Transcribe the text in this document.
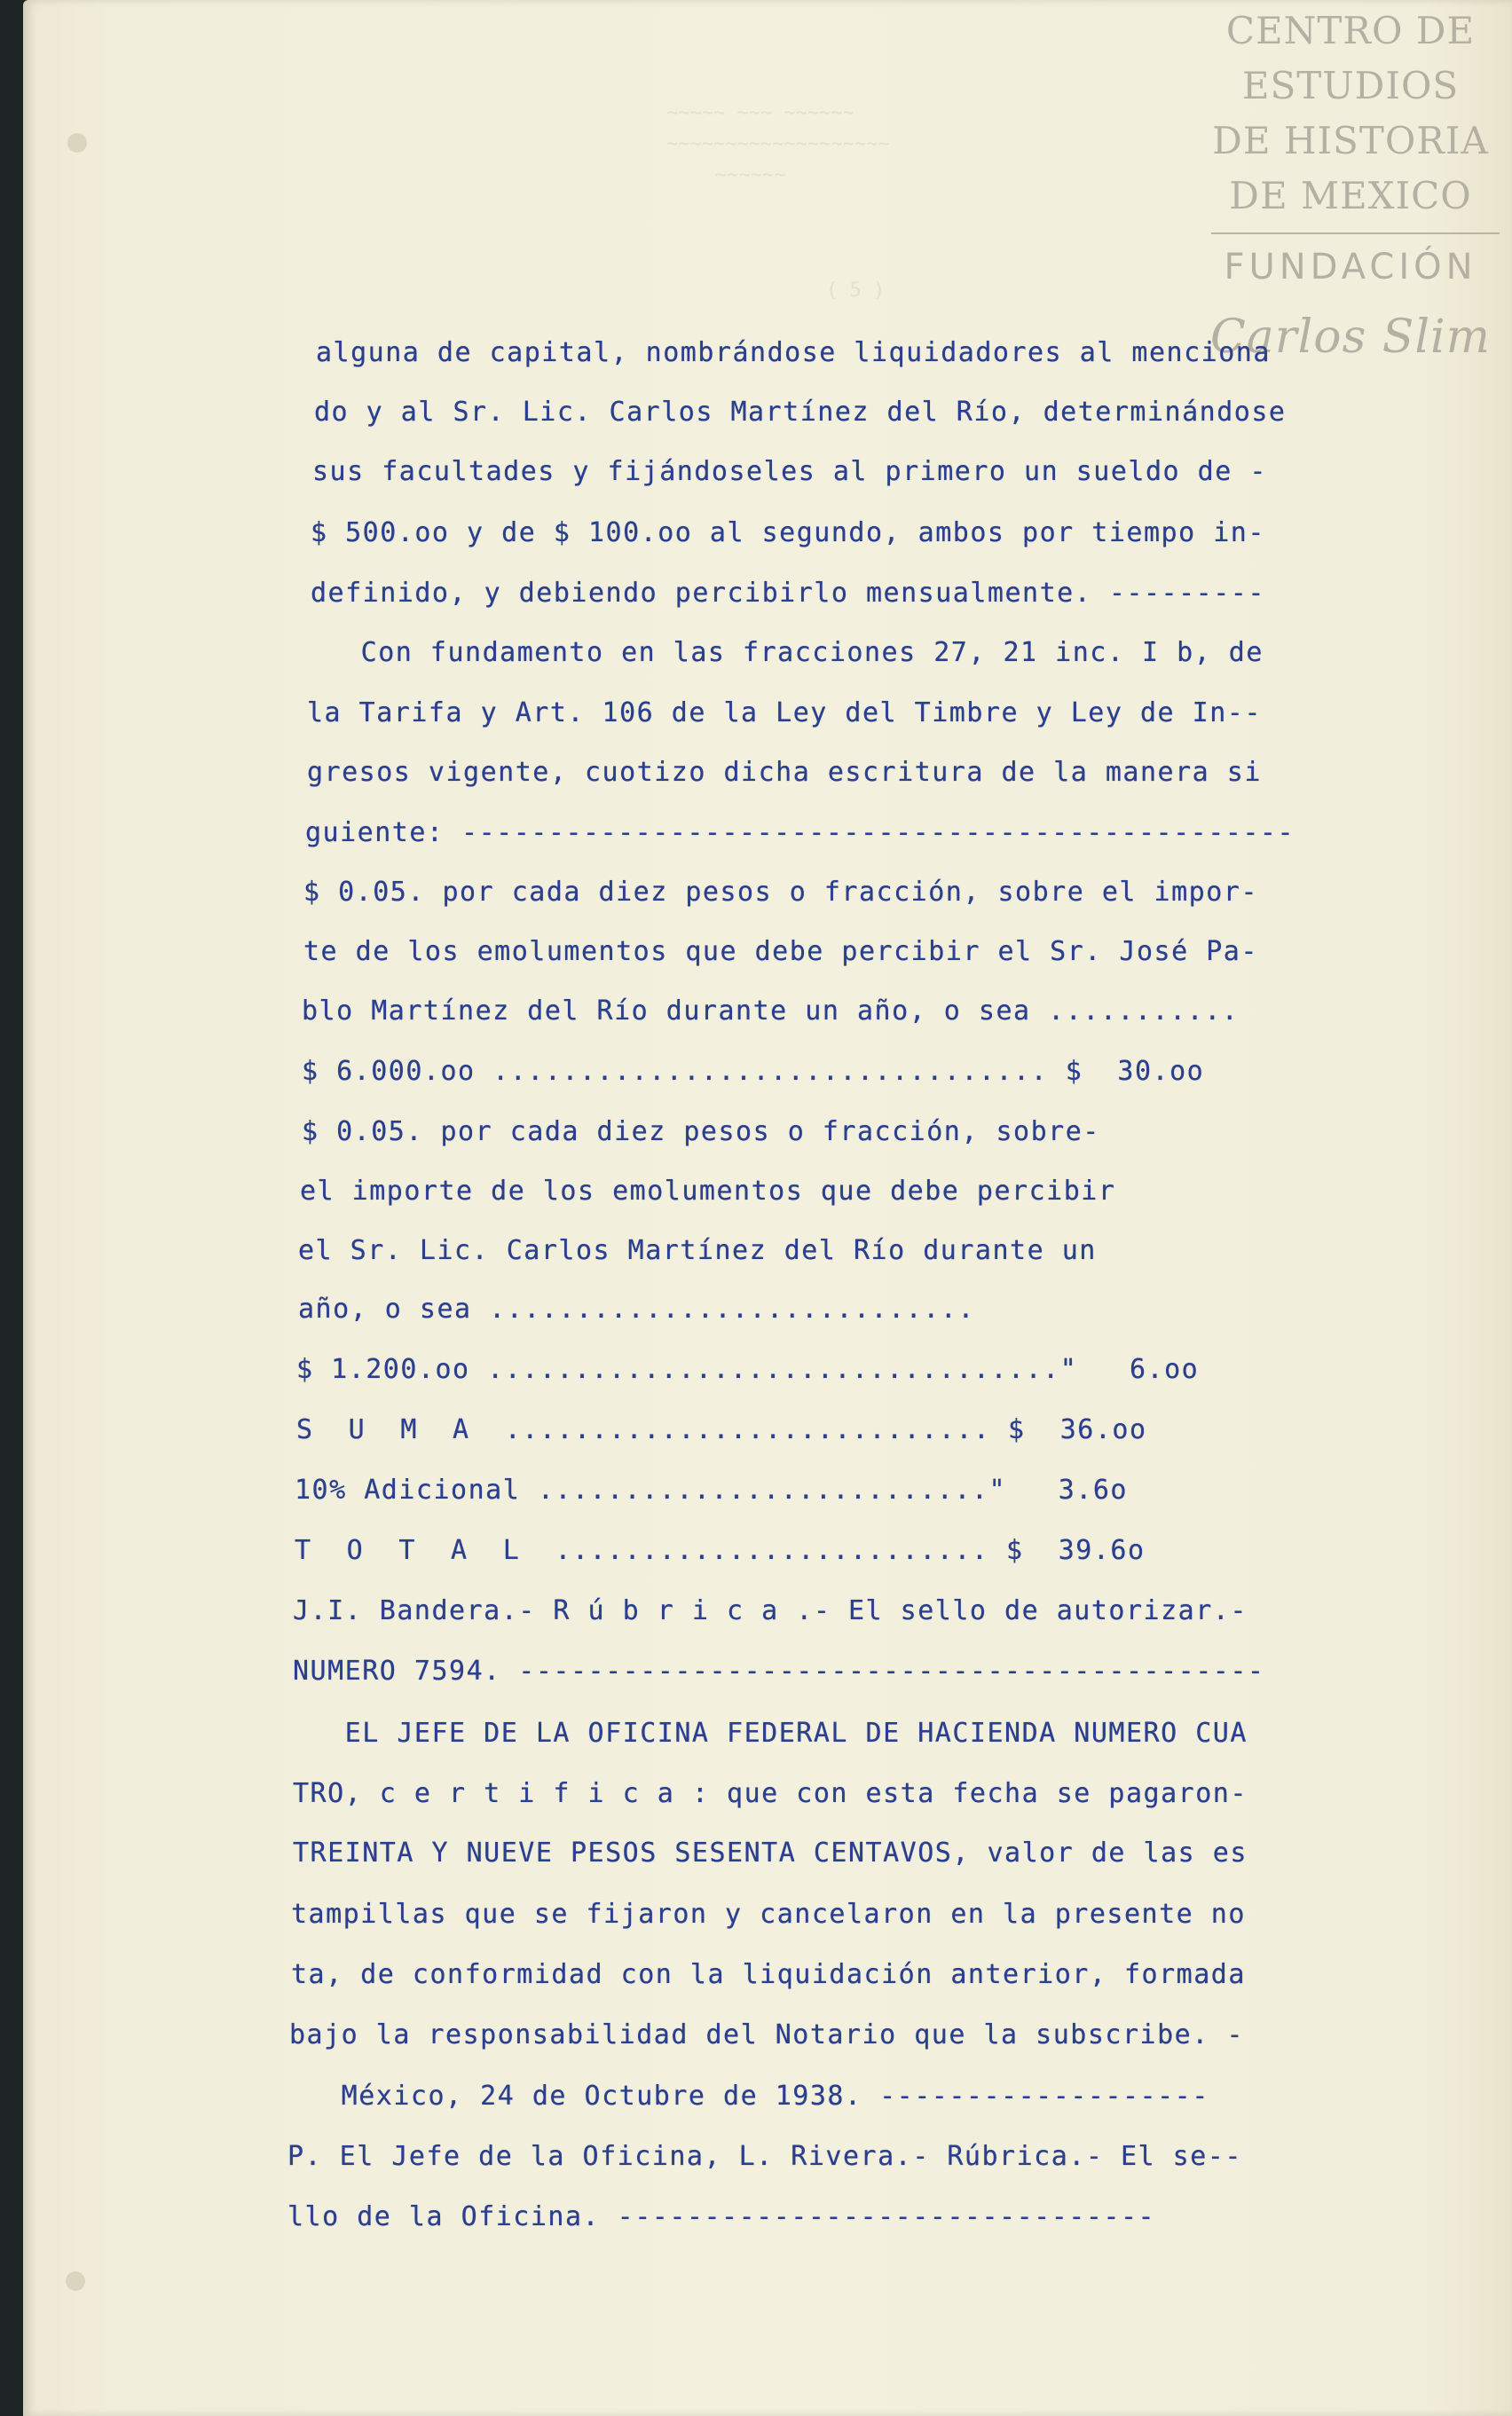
~~~~~ ~~~ ~~~~~~
~~~~~~~~~~~~~~~~~~~
~~~~~~
( 5 )
CENTRO DE
ESTUDIOS
DE HISTORIA
DE MEXICO
FUNDACIÓN
Carlos Slim
alguna de capital, nombrándose liquidadores al menciona
do y al Sr. Lic. Carlos Martínez del Río, determinándose
sus facultades y fijándoseles al primero un sueldo de -
$ 500.oo y de $ 100.oo al segundo, ambos por tiempo in-
definido, y debiendo percibirlo mensualmente. ---------
Con fundamento en las fracciones 27, 21 inc. I b, de
la Tarifa y Art. 106 de la Ley del Timbre y Ley de In--
gresos vigente, cuotizo dicha escritura de la manera si
guiente: ------------------------------------------------
$ 0.05. por cada diez pesos o fracción, sobre el impor-
te de los emolumentos que debe percibir el Sr. José Pa-
blo Martínez del Río durante un año, o sea ...........
$ 6.000.oo ................................ $  30.oo
$ 0.05. por cada diez pesos o fracción, sobre-
el importe de los emolumentos que debe percibir
el Sr. Lic. Carlos Martínez del Río durante un
año, o sea ............................
$ 1.200.oo ................................."   6.oo
S  U  M  A  ............................ $  36.oo
10% Adicional .........................."   3.6o
T  O  T  A  L  ......................... $  39.6o
J.I. Bandera.- R ú b r i c a .- El sello de autorizar.-
NUMERO 7594. -------------------------------------------
EL JEFE DE LA OFICINA FEDERAL DE HACIENDA NUMERO CUA
TRO, c e r t i f i c a : que con esta fecha se pagaron-
TREINTA Y NUEVE PESOS SESENTA CENTAVOS, valor de las es
tampillas que se fijaron y cancelaron en la presente no
ta, de conformidad con la liquidación anterior, formada
bajo la responsabilidad del Notario que la subscribe. -
México, 24 de Octubre de 1938. -------------------
P. El Jefe de la Oficina, L. Rivera.- Rúbrica.- El se--
llo de la Oficina. -------------------------------
